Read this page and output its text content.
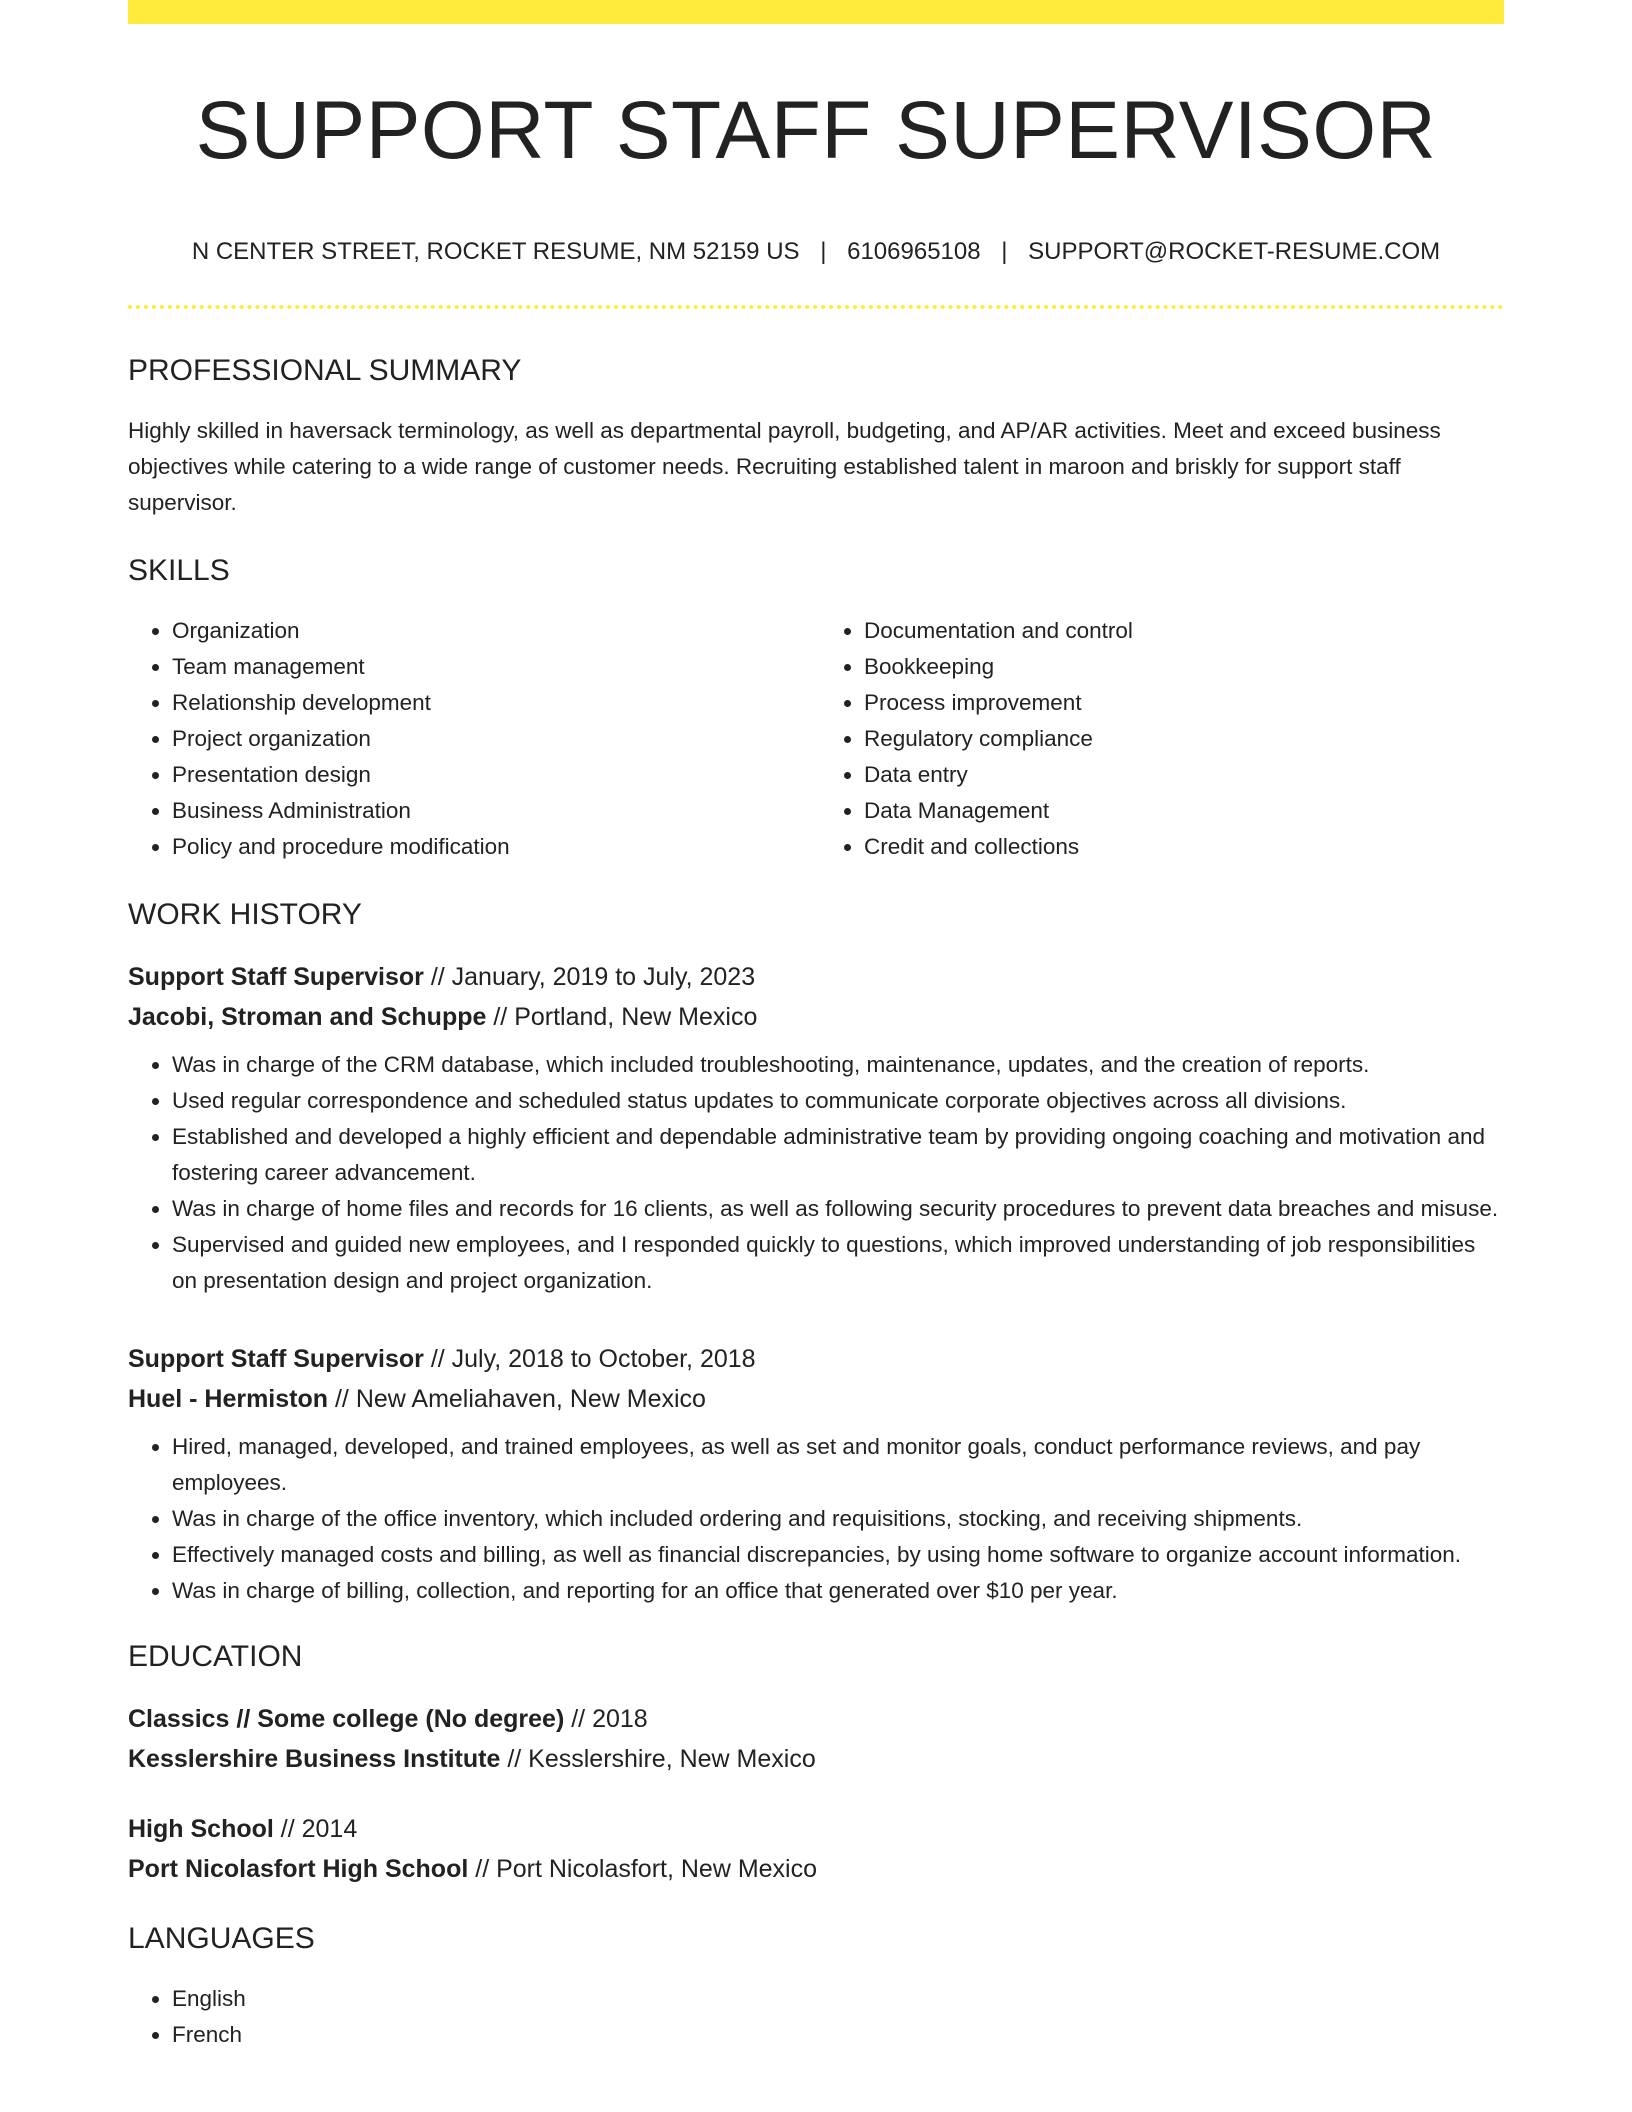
SUPPORT STAFF SUPERVISOR
N CENTER STREET, ROCKET RESUME, NM 52159 US | 6106965108 | SUPPORT@ROCKET-RESUME.COM
PROFESSIONAL SUMMARY

Highly skilled in haversack terminology, as well as departmental payroll, budgeting, and AP/AR activities. Meet and exceed business objectives while catering to a wide range of customer needs. Recruiting established talent in maroon and briskly for support staff supervisor.

SKILLS
• Organization
• Team management
• Relationship development
• Project organization
• Presentation design
• Business Administration
• Policy and procedure modification
• Documentation and control
• Bookkeeping
• Process improvement
• Regulatory compliance
• Data entry
• Data Management
• Credit and collections
WORK HISTORY
Support Staff Supervisor // January, 2019 to July, 2023
Jacobi, Stroman and Schuppe // Portland, New Mexico
• Was in charge of the CRM database, which included troubleshooting, maintenance, updates, and the creation of reports.
• Used regular correspondence and scheduled status updates to communicate corporate objectives across all divisions.
• Established and developed a highly efficient and dependable administrative team by providing ongoing coaching and motivation and fostering career advancement.
• Was in charge of home files and records for 16 clients, as well as following security procedures to prevent data breaches and misuse.
• Supervised and guided new employees, and I responded quickly to questions, which improved understanding of job responsibilities on presentation design and project organization.
Support Staff Supervisor // July, 2018 to October, 2018
Huel - Hermiston // New Ameliahaven, New Mexico
• Hired, managed, developed, and trained employees, as well as set and monitor goals, conduct performance reviews, and pay employees.
• Was in charge of the office inventory, which included ordering and requisitions, stocking, and receiving shipments.
• Effectively managed costs and billing, as well as financial discrepancies, by using home software to organize account information.
• Was in charge of billing, collection, and reporting for an office that generated over $10 per year.
EDUCATION
Classics // Some college (No degree) // 2018
Kesslershire Business Institute // Kesslershire, New Mexico
High School // 2014
Port Nicolasfort High School // Port Nicolasfort, New Mexico
LANGUAGES
• English
• French
